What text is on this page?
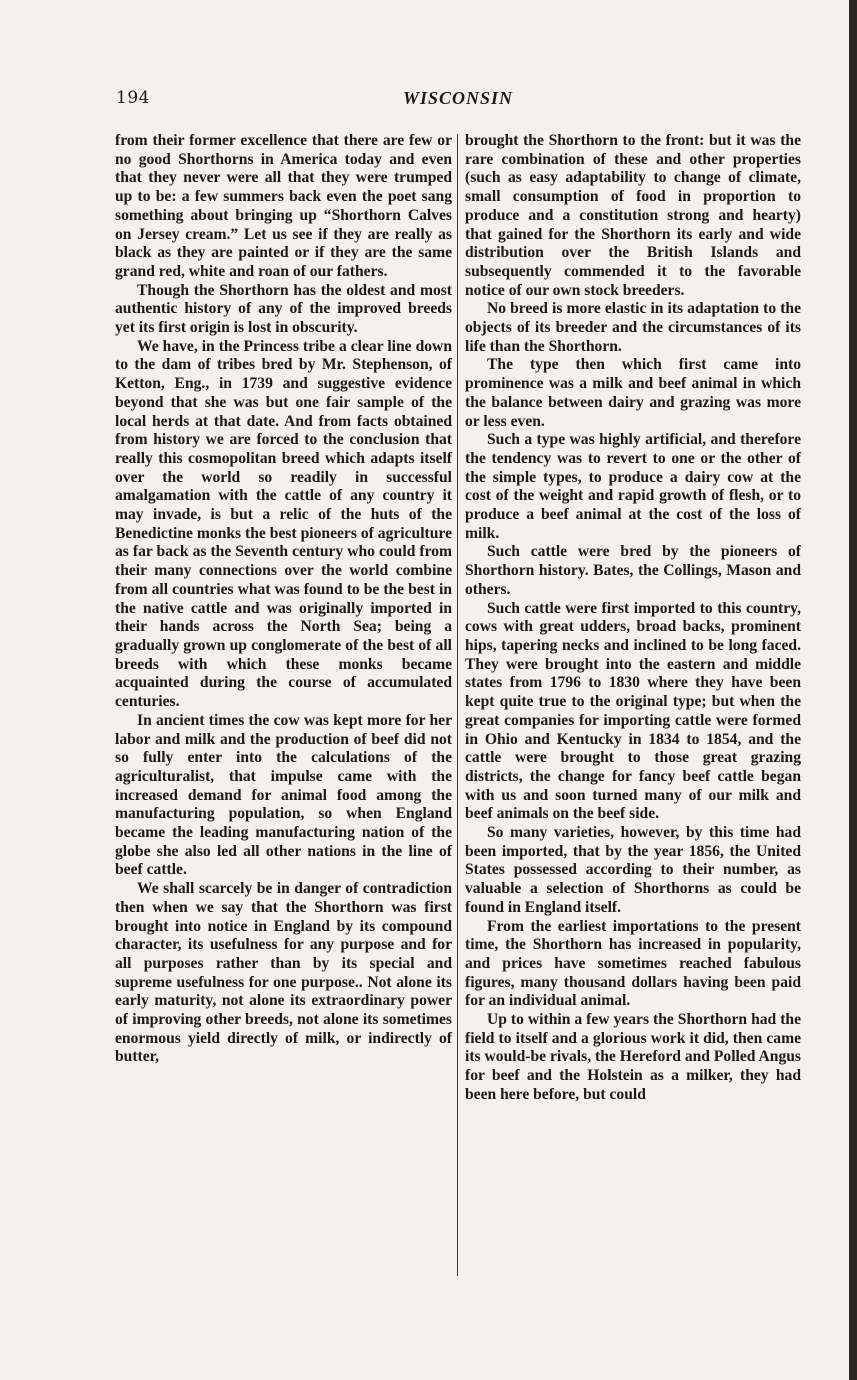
194	WISCONSIN

from their former excellence that there are few or no good Shorthorns in America today and even that they never were all that they were trumped up to be: a few summers back even the poet sang something about bringing up “Shorthorn Calves on Jersey cream.” Let us see if they are really as black as they are painted or if they are the same grand red, white and roan of our fathers.

Though the Shorthorn has the oldest and most authentic history of any of the improved breeds yet its first origin is lost in obscurity.

We have, in the Princess tribe a clear line down to the dam of tribes bred by Mr. Stephenson, of Ketton, Eng., in 1739 and suggestive evidence beyond that she was but one fair sample of the local herds at that date. And from facts obtained from history we are forced to the conclusion that really this cosmopolitan breed which adapts itself over the world so readily in successful amalgamation with the cattle of any country it may invade, is but a relic of the huts of the Benedictine monks the best pioneers of agriculture as far back as the Seventh century who could from their many connections over the world combine from all countries what was found to be the best in the native cattle and was originally imported in their hands across the North Sea; being a gradually grown up conglomerate of the best of all breeds with which these monks became acquainted during the course of accumulated centuries.

In ancient times the cow was kept more for her labor and milk and the production of beef did not so fully enter into the calculations of the agriculturalist, that impulse came with the increased demand for animal food among the manufacturing population, so when England became the leading manufacturing nation of the globe she also led all other nations in the line of beef cattle.

We shall scarcely be in danger of contradiction then when we say that the Shorthorn was first brought into notice in England by its compound character, its usefulness for any purpose and for all purposes rather than by its special and supreme usefulness for one purpose.. Not alone its early maturity, not alone its extraordinary power of improving other breeds, not alone its sometimes enormous yield directly of milk, or indirectly of butter,

brought the Shorthorn to the front: but it was the rare combination of these and other properties (such as easy adaptability to change of climate, small consumption of food in proportion to produce and a constitution strong and hearty) that gained for the Shorthorn its early and wide distribution over the British Islands and subsequently commended it to the favorable notice of our own stock breeders.

No breed is more elastic in its adaptation to the objects of its breeder and the circumstances of its life than the Shorthorn.

The type then which first came into prominence was a milk and beef animal in which the balance between dairy and grazing was more or less even.

Such a type was highly artificial, and therefore the tendency was to revert to one or the other of the simple types, to produce a dairy cow at the cost of the weight and rapid growth of flesh, or to produce a beef animal at the cost of the loss of milk.

Such cattle were bred by the pioneers of Shorthorn history. Bates, the Collings, Mason and others.

Such cattle were first imported to this country, cows with great udders, broad backs, prominent hips, tapering necks and inclined to be long faced. They were brought into the eastern and middle states from 1796 to 1830 where they have been kept quite true to the original type; but when the great companies for importing cattle were formed in Ohio and Kentucky in 1834 to 1854, and the cattle were brought to those great grazing districts, the change for fancy beef cattle began with us and soon turned many of our milk and beef animals on the beef side.

So many varieties, however, by this time had been imported, that by the year 1856, the United States possessed according to their number, as valuable a selection of Shorthorns as could be found in England itself.

From the earliest importations to the present time, the Shorthorn has increased in popularity, and prices have sometimes reached fabulous figures, many thousand dollars having been paid for an individual animal.

Up to within a few years the Shorthorn had the field to itself and a glorious work it did, then came its would-be rivals, the Hereford and Polled Angus for beef and the Holstein as a milker, they had been here before, but could
